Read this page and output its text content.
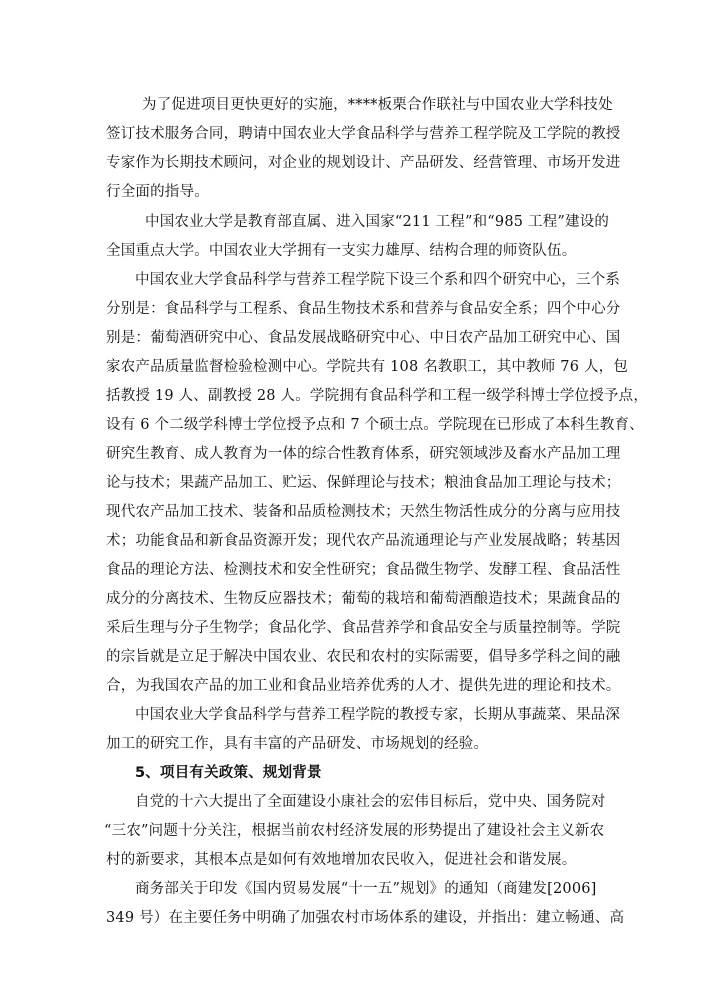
为了促进项目更快更好的实施，****板栗合作联社与中国农业大学科技处
签订技术服务合同，聘请中国农业大学食品科学与营养工程学院及工学院的教授
专家作为长期技术顾问，对企业的规划设计、产品研发、经营管理、市场开发进
行全面的指导。
中国农业大学是教育部直属、进入国家“211 工程”和“985 工程”建设的
全国重点大学。中国农业大学拥有一支实力雄厚、结构合理的师资队伍。
中国农业大学食品科学与营养工程学院下设三个系和四个研究中心，三个系
分别是：食品科学与工程系、食品生物技术系和营养与食品安全系；四个中心分
别是：葡萄酒研究中心、食品发展战略研究中心、中日农产品加工研究中心、国
家农产品质量监督检验检测中心。学院共有 108 名教职工，其中教师 76 人，包
括教授 19 人、副教授 28 人。学院拥有食品科学和工程一级学科博士学位授予点，
设有 6 个二级学科博士学位授予点和 7 个硕士点。学院现在已形成了本科生教育、
研究生教育、成人教育为一体的综合性教育体系，研究领域涉及畜水产品加工理
论与技术；果蔬产品加工、贮运、保鲜理论与技术；粮油食品加工理论与技术；
现代农产品加工技术、装备和品质检测技术；天然生物活性成分的分离与应用技
术；功能食品和新食品资源开发；现代农产品流通理论与产业发展战略；转基因
食品的理论方法、检测技术和安全性研究；食品微生物学、发酵工程、食品活性
成分的分离技术、生物反应器技术；葡萄的栽培和葡萄酒酿造技术；果蔬食品的
采后生理与分子生物学；食品化学、食品营养学和食品安全与质量控制等。学院
的宗旨就是立足于解决中国农业、农民和农村的实际需要，倡导多学科之间的融
合，为我国农产品的加工业和食品业培养优秀的人才、提供先进的理论和技术。
中国农业大学食品科学与营养工程学院的教授专家，长期从事蔬菜、果品深
加工的研究工作，具有丰富的产品研发、市场规划的经验。
5、项目有关政策、规划背景
自党的十六大提出了全面建设小康社会的宏伟目标后，党中央、国务院对
“三农”问题十分关注，根据当前农村经济发展的形势提出了建设社会主义新农
村的新要求，其根本点是如何有效地增加农民收入，促进社会和谐发展。
商务部关于印发《国内贸易发展“十一五”规划》的通知（商建发[2006]
349 号）在主要任务中明确了加强农村市场体系的建设，并指出：建立畅通、高
